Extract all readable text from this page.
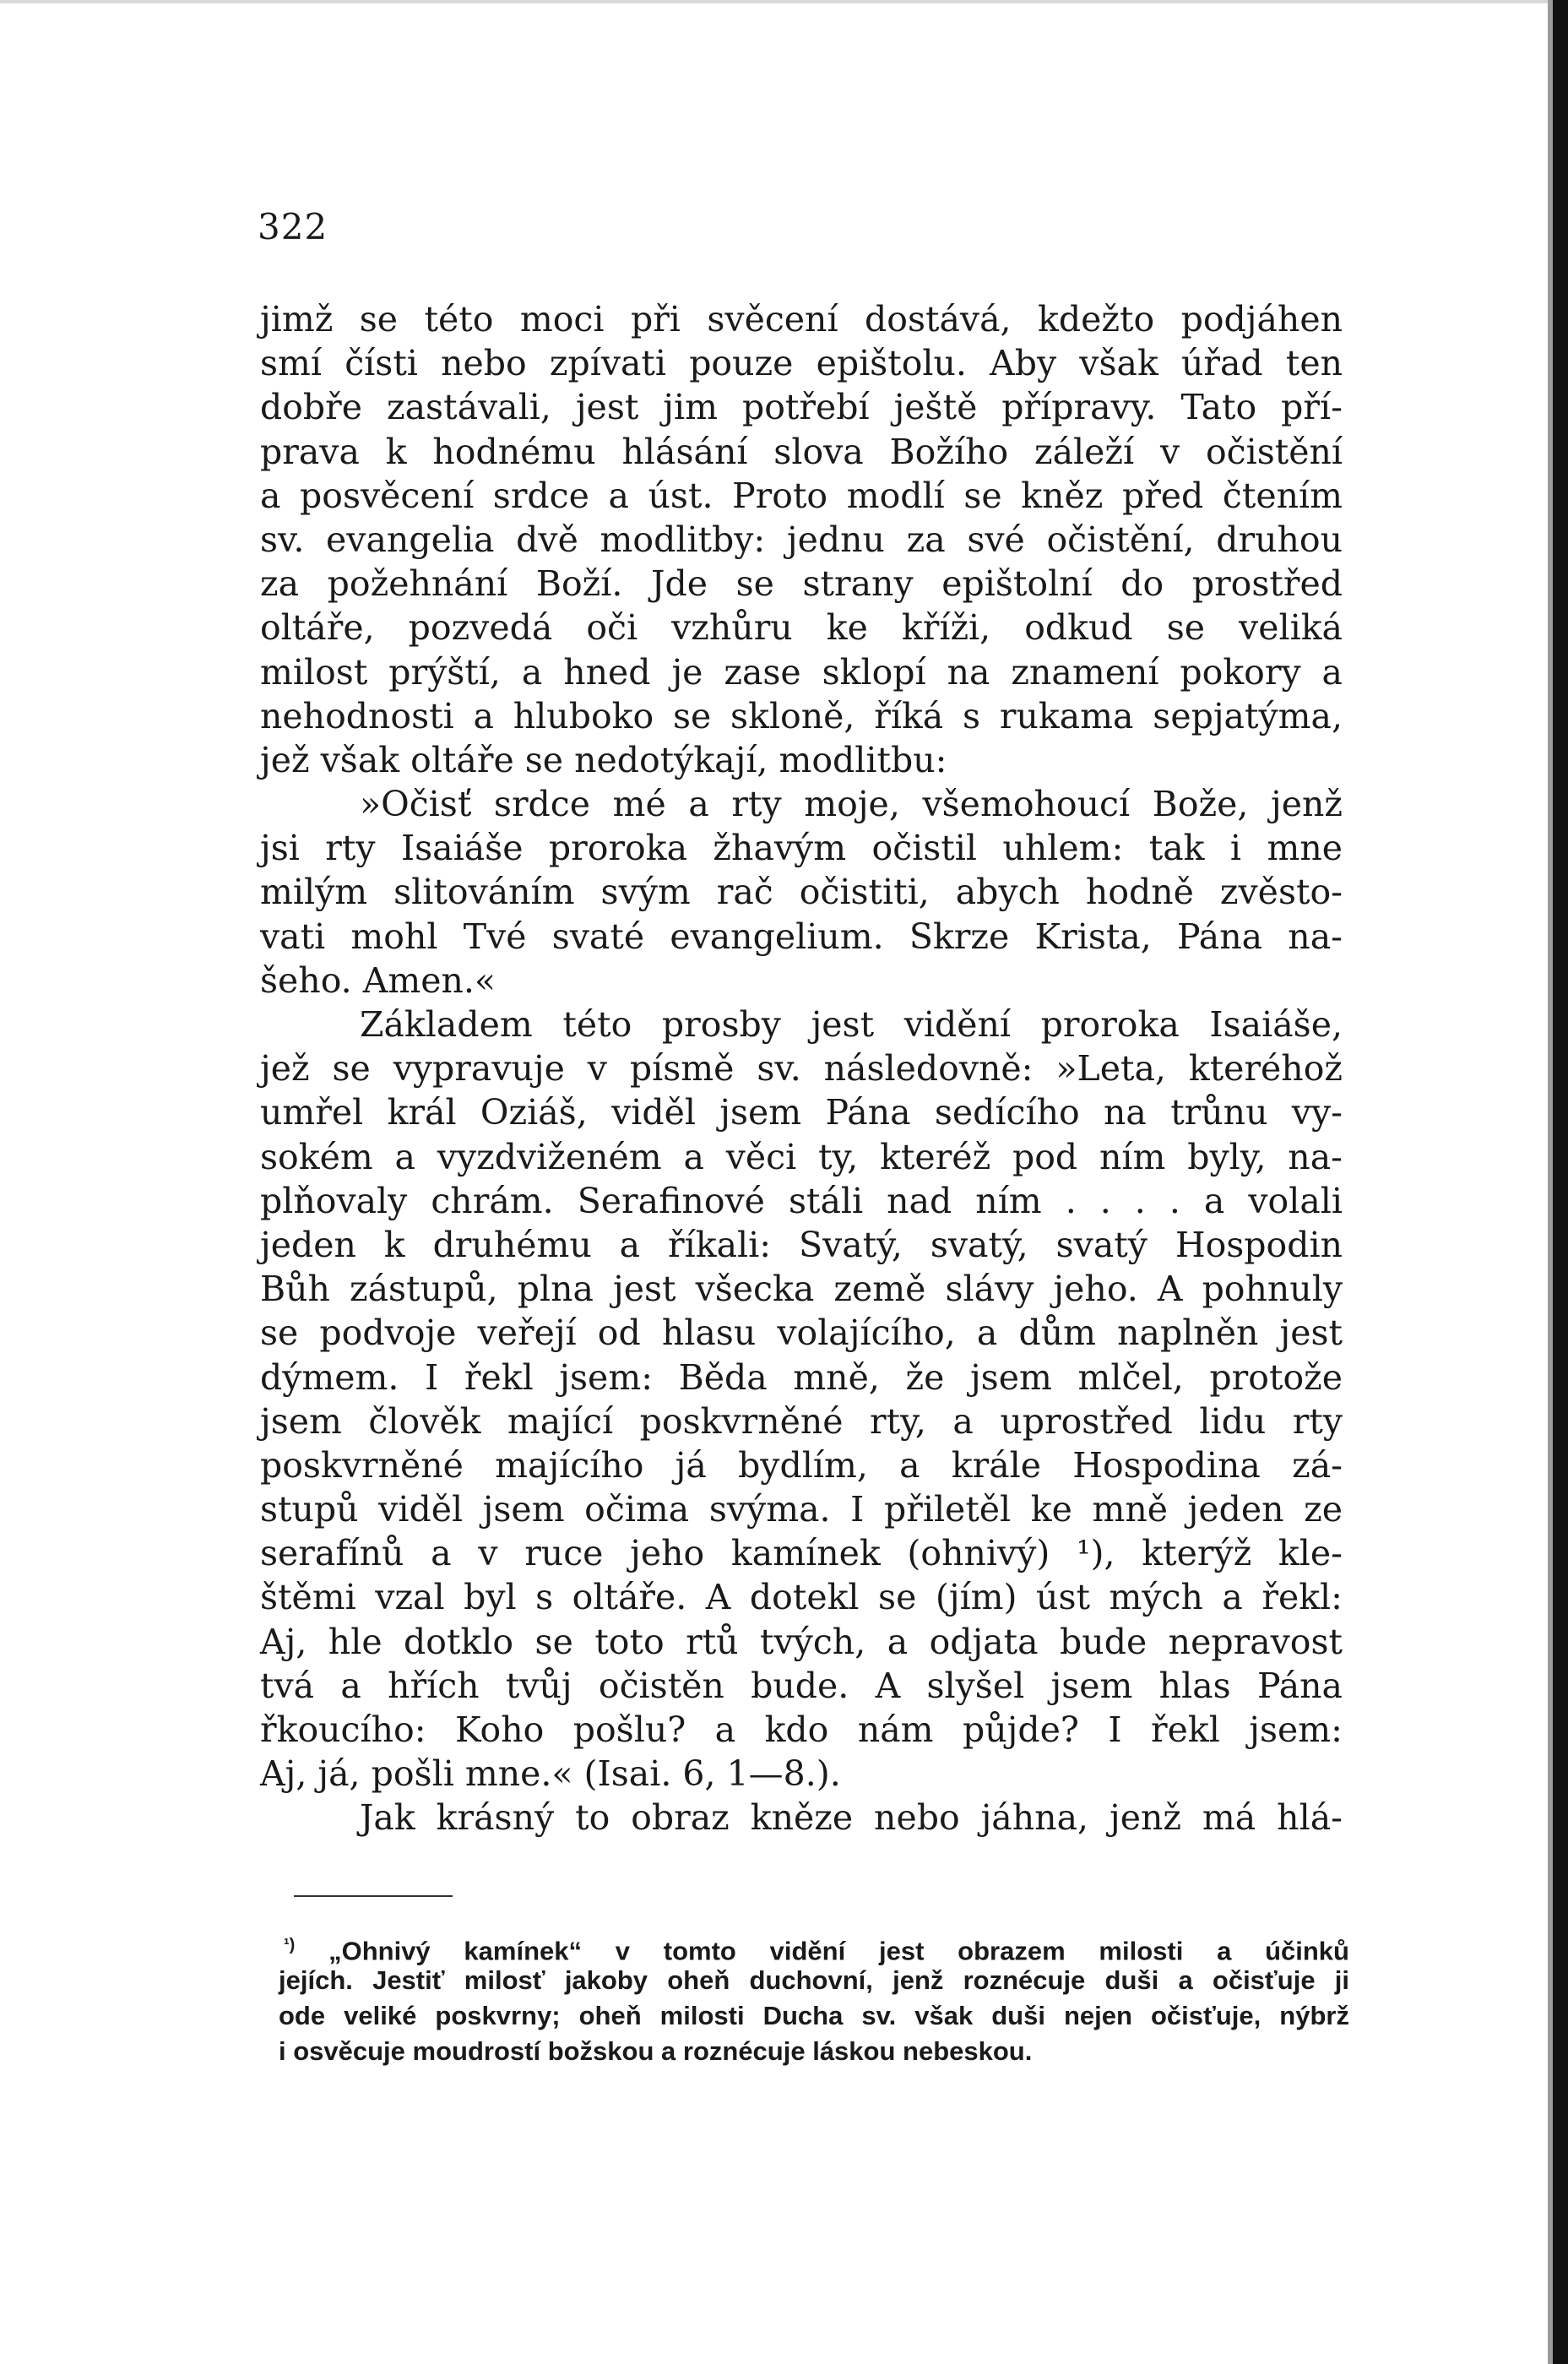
322
jimž se této moci při svěcení dostává, kdežto podjáhen
smí čísti nebo zpívati pouze epištolu. Aby však úřad ten
dobře zastávali, jest jim potřebí ještě přípravy. Tato pří-
prava k hodnému hlásání slova Božího záleží v očistění
a posvěcení srdce a úst. Proto modlí se kněz před čtením
sv. evangelia dvě modlitby: jednu za své očistění, druhou
za požehnání Boží. Jde se strany epištolní do prostřed
oltáře, pozvedá oči vzhůru ke kříži, odkud se veliká
milost prýští, a hned je zase sklopí na znamení pokory a
nehodnosti a hluboko se skloně, říká s rukama sepjatýma,
jež však oltáře se nedotýkají, modlitbu:
»Očisť srdce mé a rty moje, všemohoucí Bože, jenž
jsi rty Isaiáše proroka žhavým očistil uhlem: tak i mne
milým slitováním svým rač očistiti, abych hodně zvěsto-
vati mohl Tvé svaté evangelium. Skrze Krista, Pána na-
šeho. Amen.«
Základem této prosby jest vidění proroka Isaiáše,
jež se vypravuje v písmě sv. následovně: »Leta, kteréhož
umřel král Oziáš, viděl jsem Pána sedícího na trůnu vy-
sokém a vyzdviženém a věci ty, kteréž pod ním byly, na-
plňovaly chrám. Serafinové stáli nad ním . . . . a volali
jeden k druhému a říkali: Svatý, svatý, svatý Hospodin
Bůh zástupů, plna jest všecka země slávy jeho. A pohnuly
se podvoje veřejí od hlasu volajícího, a dům naplněn jest
dýmem. I řekl jsem: Běda mně, že jsem mlčel, protože
jsem člověk mající poskvrněné rty, a uprostřed lidu rty
poskvrněné majícího já bydlím, a krále Hospodina zá-
stupů viděl jsem očima svýma. I přiletěl ke mně jeden ze
serafínů a v ruce jeho kamínek (ohnivý) ¹), kterýž kle-
štěmi vzal byl s oltáře. A dotekl se (jím) úst mých a řekl:
Aj, hle dotklo se toto rtů tvých, a odjata bude nepravost
tvá a hřích tvůj očistěn bude. A slyšel jsem hlas Pána
řkoucího: Koho pošlu? a kdo nám půjde? I řekl jsem:
Aj, já, pošli mne.« (Isai. 6, 1—8.).
Jak krásný to obraz kněze nebo jáhna, jenž má hlá-
$^{^1)}$ „Ohnivý kamínek“ v tomto vidění jest obrazem milosti a účinků
jejích. Jestiť milosť jakoby oheň duchovní, jenž roznécuje duši a očisťuje ji
ode veliké poskvrny; oheň milosti Ducha sv. však duši nejen očisťuje, nýbrž
i osvěcuje moudrostí božskou a roznécuje láskou nebeskou.
